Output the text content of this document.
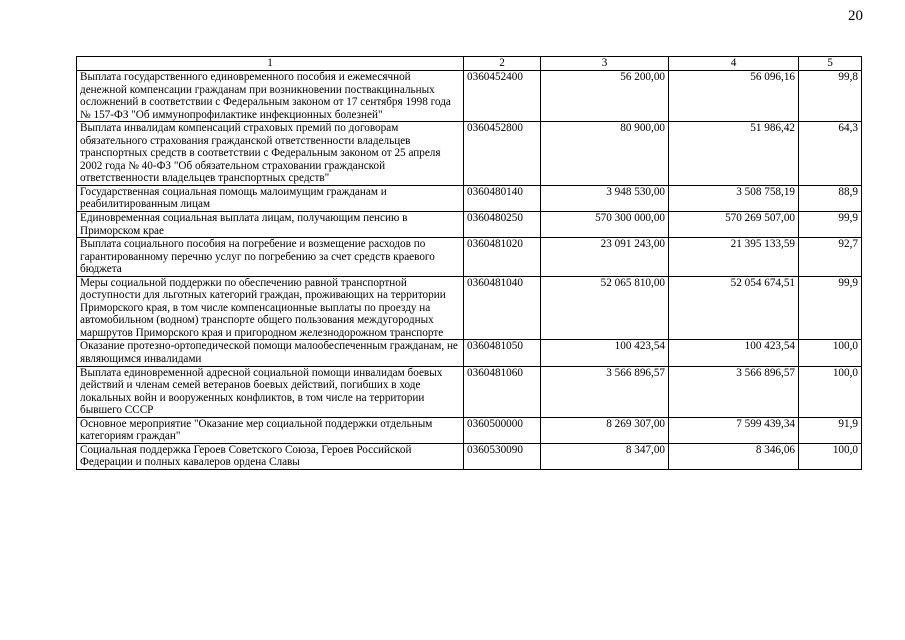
20
1	2	3	4	5
Выплата государственного единовременного пособия и ежемесячной денежной компенсации гражданам при возникновении поствакцинальных осложнений в соответствии с Федеральным законом от 17 сентября 1998 года № 157-ФЗ "Об иммунопрофилактике инфекционных болезней"	0360452400	56 200,00	56 096,16	99,8
Выплата инвалидам компенсаций страховых премий по договорам обязательного страхования гражданской ответственности владельцев транспортных средств в соответствии с Федеральным законом от 25 апреля 2002 года № 40-ФЗ "Об обязательном страховании гражданской ответственности владельцев транспортных средств"	0360452800	80 900,00	51 986,42	64,3
Государственная социальная помощь малоимущим гражданам и реабилитированным лицам	0360480140	3 948 530,00	3 508 758,19	88,9
Единовременная социальная выплата лицам, получающим пенсию в Приморском крае	0360480250	570 300 000,00	570 269 507,00	99,9
Выплата социального пособия на погребение и возмещение расходов по гарантированному перечню услуг по погребению за счет средств краевого бюджета	0360481020	23 091 243,00	21 395 133,59	92,7
Меры социальной поддержки по обеспечению равной транспортной доступности для льготных категорий граждан, проживающих на территории Приморского края, в том числе компенсационные выплаты по проезду на автомобильном (водном) транспорте общего пользования междугородных маршрутов Приморского края и пригородном железнодорожном транспорте	0360481040	52 065 810,00	52 054 674,51	99,9
Оказание протезно-ортопедической помощи малообеспеченным гражданам, не являющимся инвалидами	0360481050	100 423,54	100 423,54	100,0
Выплата единовременной адресной социальной помощи инвалидам боевых действий и членам семей ветеранов боевых действий, погибших в ходе локальных войн и вооруженных конфликтов, в том числе на территории бывшего СССР	0360481060	3 566 896,57	3 566 896,57	100,0
Основное мероприятие "Оказание мер социальной поддержки отдельным категориям граждан"	0360500000	8 269 307,00	7 599 439,34	91,9
Социальная поддержка Героев Советского Союза, Героев Российской Федерации и полных кавалеров ордена Славы	0360530090	8 347,00	8 346,06	100,0
